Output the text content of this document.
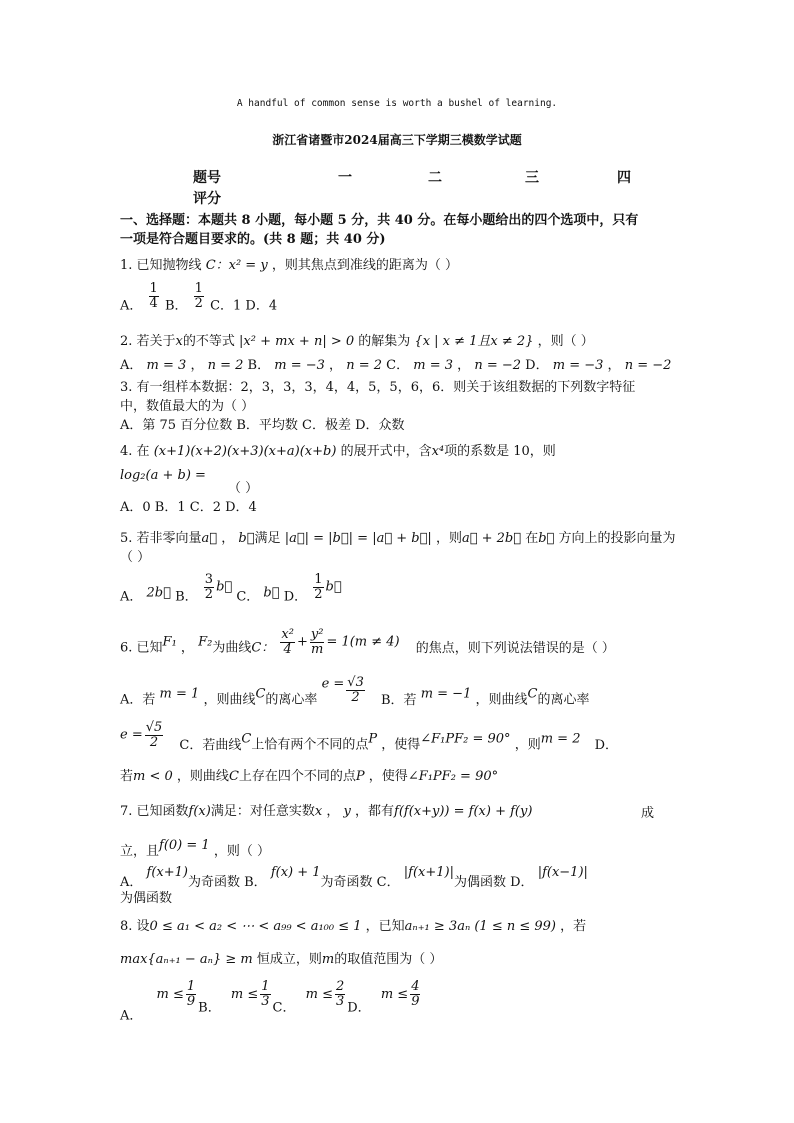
A handful of common sense is worth a bushel of learning.
浙江省诸暨市2024届高三下学期三模数学试题
题号	一	二	三	四
评分
一、选择题：本题共 8 小题，每小题 5 分，共 40 分。在每小题给出的四个选项中，只有
一项是符合题目要求的。(共 8 题；共 40 分)
1. 已知抛物线 C：x² = y ，则其焦点到准线的距离为（ ）
A． $\frac{1}{4}$ B． $\frac{1}{2}$ C．1 D．4
2. 若关于x的不等式 |x² + mx + n| > 0 的解集为 {x | x ≠ 1且x ≠ 2} ，则（ ）
A． m = 3 ， n = 2 B． m = −3 ， n = 2 C． m = 3 ， n = −2 D． m = −3 ， n = −2
3. 有一组样本数据：2，3，3，3，4，4，5，5，6，6．则关于该组数据的下列数字特征
中，数值最大的为（ ）
A．第 75 百分位数 B．平均数 C．极差 D．众数
4. 在 (x+1)(x+2)(x+3)(x+a)(x+b) 的展开式中，含x⁴项的系数是 10，则
log₂(a + b) =
（ ）
A．0 B．1 C．2 D．4
5. 若非零向量a⃗ ， b⃗满足 |a⃗| = |b⃗| = |a⃗ + b⃗| ，则a⃗ + 2b⃗ 在b⃗ 方向上的投影向量为
（ ）
A． 2b⃗ B． $\frac{3}{2}$ b⃗ C． b⃗ D． $\frac{1}{2}$ b⃗
6. 已知F₁ ， F₂为曲线C： $\frac{\text{x²}}{4} + \frac{\text{y²}}{m} = 1(m \ne 4)$ 的焦点，则下列说法错误的是（ ）
A．若 m = 1 ，则曲线C的离心率 $e = \frac{√3}{2}$ B．若 m = −1 ，则曲线C的离心率
$e = \frac{√5}{2}$ C．若曲线C上恰有两个不同的点P ，使得∠F₁PF₂ = 90° ，则m = 2 D．
若m < 0 ，则曲线C上存在四个不同的点P ，使得∠F₁PF₂ = 90°
7. 已知函数f(x)满足：对任意实数x ， y ，都有f(f(x+y)) = f(x) + f(y)	成
立，且f(0) = 1 ，则（ ）
A． f(x+1)为奇函数 B． f(x) + 1为奇函数 C． |f(x+1)|为偶函数 D． |f(x−1)|
为偶函数
8. 设0 ≤ a₁ < a₂ < ⋯ < a₉₉ < a₁₀₀ ≤ 1 ，已知aₙ₊₁ ≥ 3aₙ (1 ≤ n ≤ 99) ，若
max{aₙ₊₁ − aₙ} ≥ m 恒成立，则m的取值范围为（ ）
A． $m \le \frac{1}{9}$ B． $m \le \frac{1}{3}$ C． $m \le \frac{2}{3}$ D． $m \le \frac{4}{9}$
